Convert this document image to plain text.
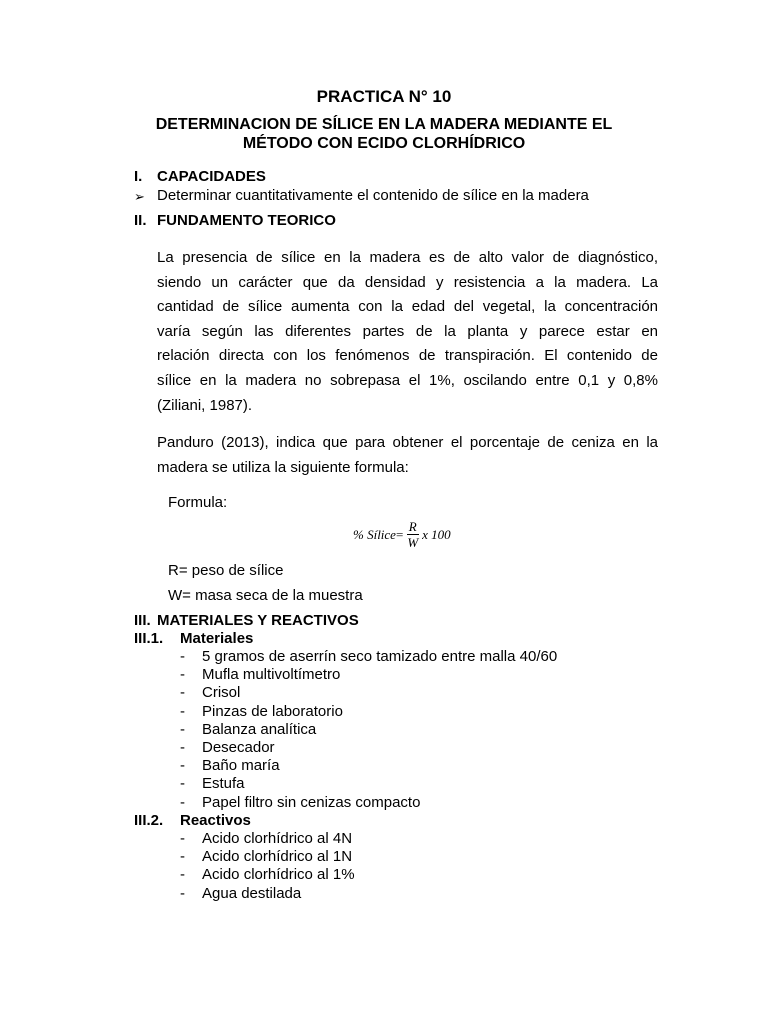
PRACTICA N° 10
DETERMINACION DE SÍLICE EN LA MADERA MEDIANTE EL
MÉTODO CON ECIDO CLORHÍDRICO
I. CAPACIDADES
➢ Determinar cuantitativamente el contenido de sílice en la madera
II. FUNDAMENTO TEORICO
La presencia de sílice en la madera es de alto valor de diagnóstico,
siendo un carácter que da densidad y resistencia a la madera. La
cantidad de sílice aumenta con la edad del vegetal, la concentración
varía según las diferentes partes de la planta y parece estar en
relación directa con los fenómenos de transpiración. El contenido de
sílice en la madera no sobrepasa el 1%, oscilando entre 0,1 y 0,8%
(Ziliani, 1987).
Panduro (2013), indica que para obtener el porcentaje de ceniza en la
madera se utiliza la siguiente formula:
Formula:
% Sílice = $\frac{R}{W}$ x 100
R= peso de sílice
W= masa seca de la muestra
III. MATERIALES Y REACTIVOS
III.1. Materiales
- 5 gramos de aserrín seco tamizado entre malla 40/60
- Mufla multivoltímetro
- Crisol
- Pinzas de laboratorio
- Balanza analítica
- Desecador
- Baño maría
- Estufa
- Papel filtro sin cenizas compacto
III.2. Reactivos
- Acido clorhídrico al 4N
- Acido clorhídrico al 1N
- Acido clorhídrico al 1%
- Agua destilada
